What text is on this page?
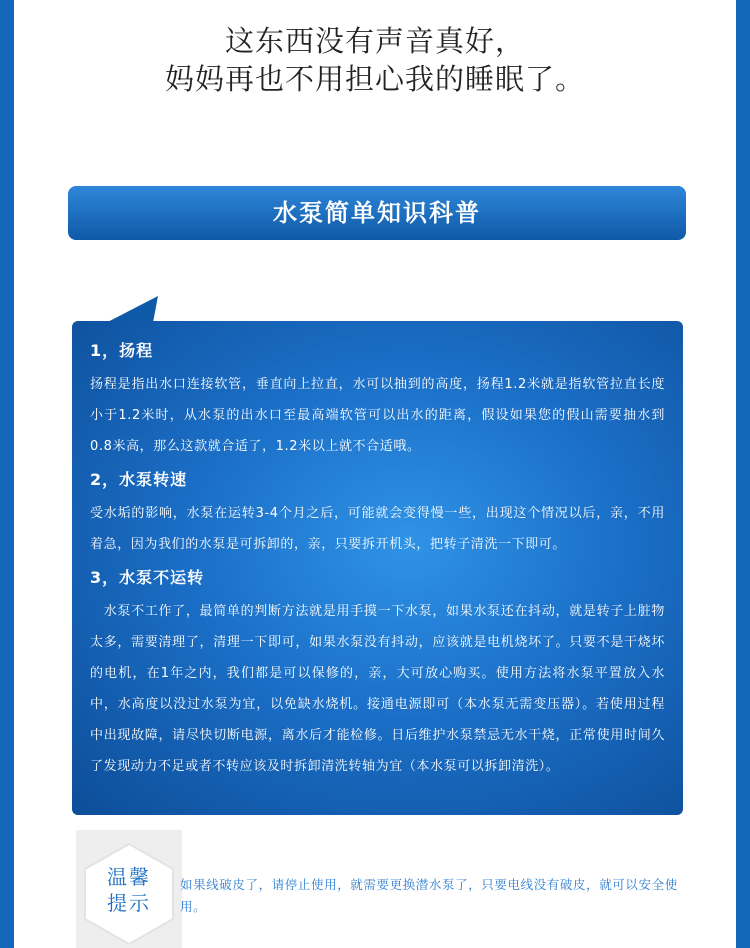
这东西没有声音真好，
妈妈再也不用担心我的睡眠了。
水泵简单知识科普

1，扬程

扬程是指出水口连接软管，垂直向上拉直，水可以抽到的高度，扬程1.2米就是指软管拉直长度小于1.2米时，从水泵的出水口至最高端软管可以出水的距离，假设如果您的假山需要抽水到0.8米高，那么这款就合适了，1.2米以上就不合适哦。

2，水泵转速

受水垢的影响，水泵在运转3-4个月之后，可能就会变得慢一些，出现这个情况以后，亲，不用着急，因为我们的水泵是可拆卸的，亲，只要拆开机头，把转子清洗一下即可。

3，水泵不运转

　水泵不工作了，最简单的判断方法就是用手摸一下水泵，如果水泵还在抖动，就是转子上脏物太多，需要清理了，清理一下即可，如果水泵没有抖动，应该就是电机烧坏了。只要不是干烧坏的电机，在1年之内，我们都是可以保修的，亲，大可放心购买。使用方法将水泵平置放入水中，水高度以没过水泵为宜，以免缺水烧机。接通电源即可（本水泵无需变压器）。若使用过程中出现故障，请尽快切断电源，离水后才能检修。日后维护水泵禁忌无水干烧，正常使用时间久了发现动力不足或者不转应该及时拆卸清洗转轴为宜（本水泵可以拆卸清洗）。

温馨
提示
如果线破皮了，请停止使用，就需要更换潜水泵了，只要电线没有破皮，就可以安全使用。
